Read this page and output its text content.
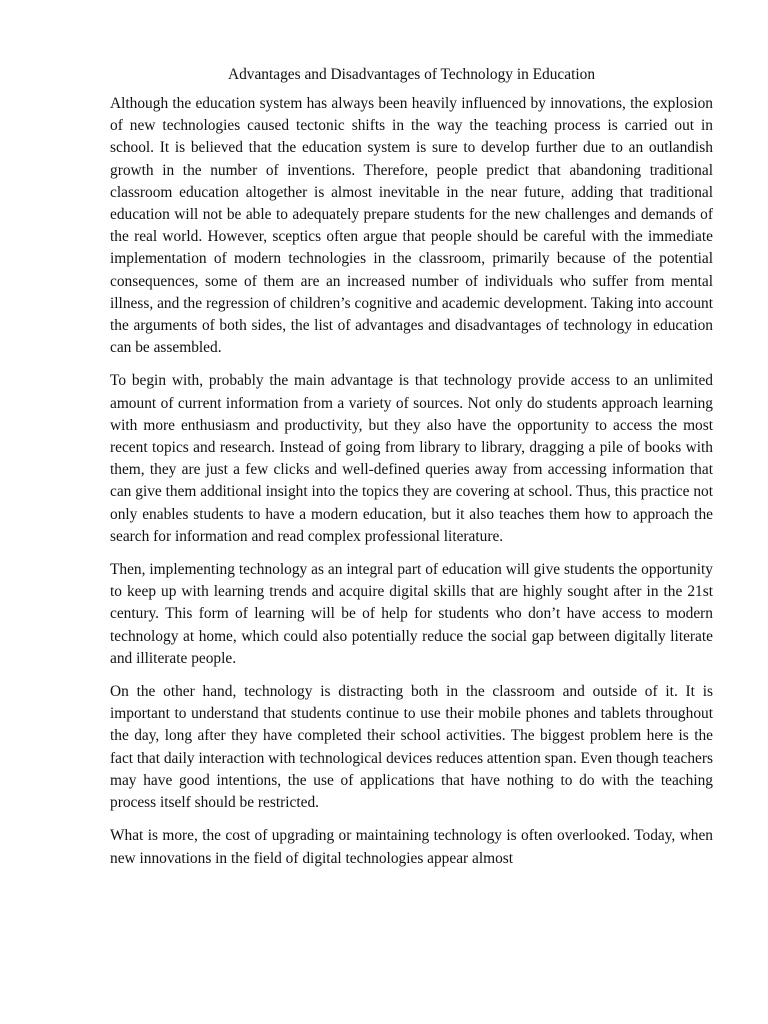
Advantages and Disadvantages of Technology in Education

Although the education system has always been heavily influenced by innovations, the explosion of new technologies caused tectonic shifts in the way the teaching process is carried out in school. It is believed that the education system is sure to develop further due to an outlandish growth in the number of inventions. Therefore, people predict that abandoning traditional classroom education altogether is almost inevitable in the near future, adding that traditional education will not be able to adequately prepare students for the new challenges and demands of the real world. However, sceptics often argue that people should be careful with the immediate implementation of modern technologies in the classroom, primarily because of the potential consequences, some of them are an increased number of individuals who suffer from mental illness, and the regression of children’s cognitive and academic development. Taking into account the arguments of both sides, the list of advantages and disadvantages of technology in education can be assembled.

To begin with, probably the main advantage is that technology provide access to an unlimited amount of current information from a variety of sources. Not only do students approach learning with more enthusiasm and productivity, but they also have the opportunity to access the most recent topics and research. Instead of going from library to library, dragging a pile of books with them, they are just a few clicks and well-defined queries away from accessing information that can give them additional insight into the topics they are covering at school. Thus, this practice not only enables students to have a modern education, but it also teaches them how to approach the search for information and read complex professional literature.

Then, implementing technology as an integral part of education will give students the opportunity to keep up with learning trends and acquire digital skills that are highly sought after in the 21st century. This form of learning will be of help for students who don’t have access to modern technology at home, which could also potentially reduce the social gap between digitally literate and illiterate people.

On the other hand, technology is distracting both in the classroom and outside of it. It is important to understand that students continue to use their mobile phones and tablets throughout the day, long after they have completed their school activities. The biggest problem here is the fact that daily interaction with technological devices reduces attention span. Even though teachers may have good intentions, the use of applications that have nothing to do with the teaching process itself should be restricted.

What is more, the cost of upgrading or maintaining technology is often overlooked. Today, when new innovations in the field of digital technologies appear almost
